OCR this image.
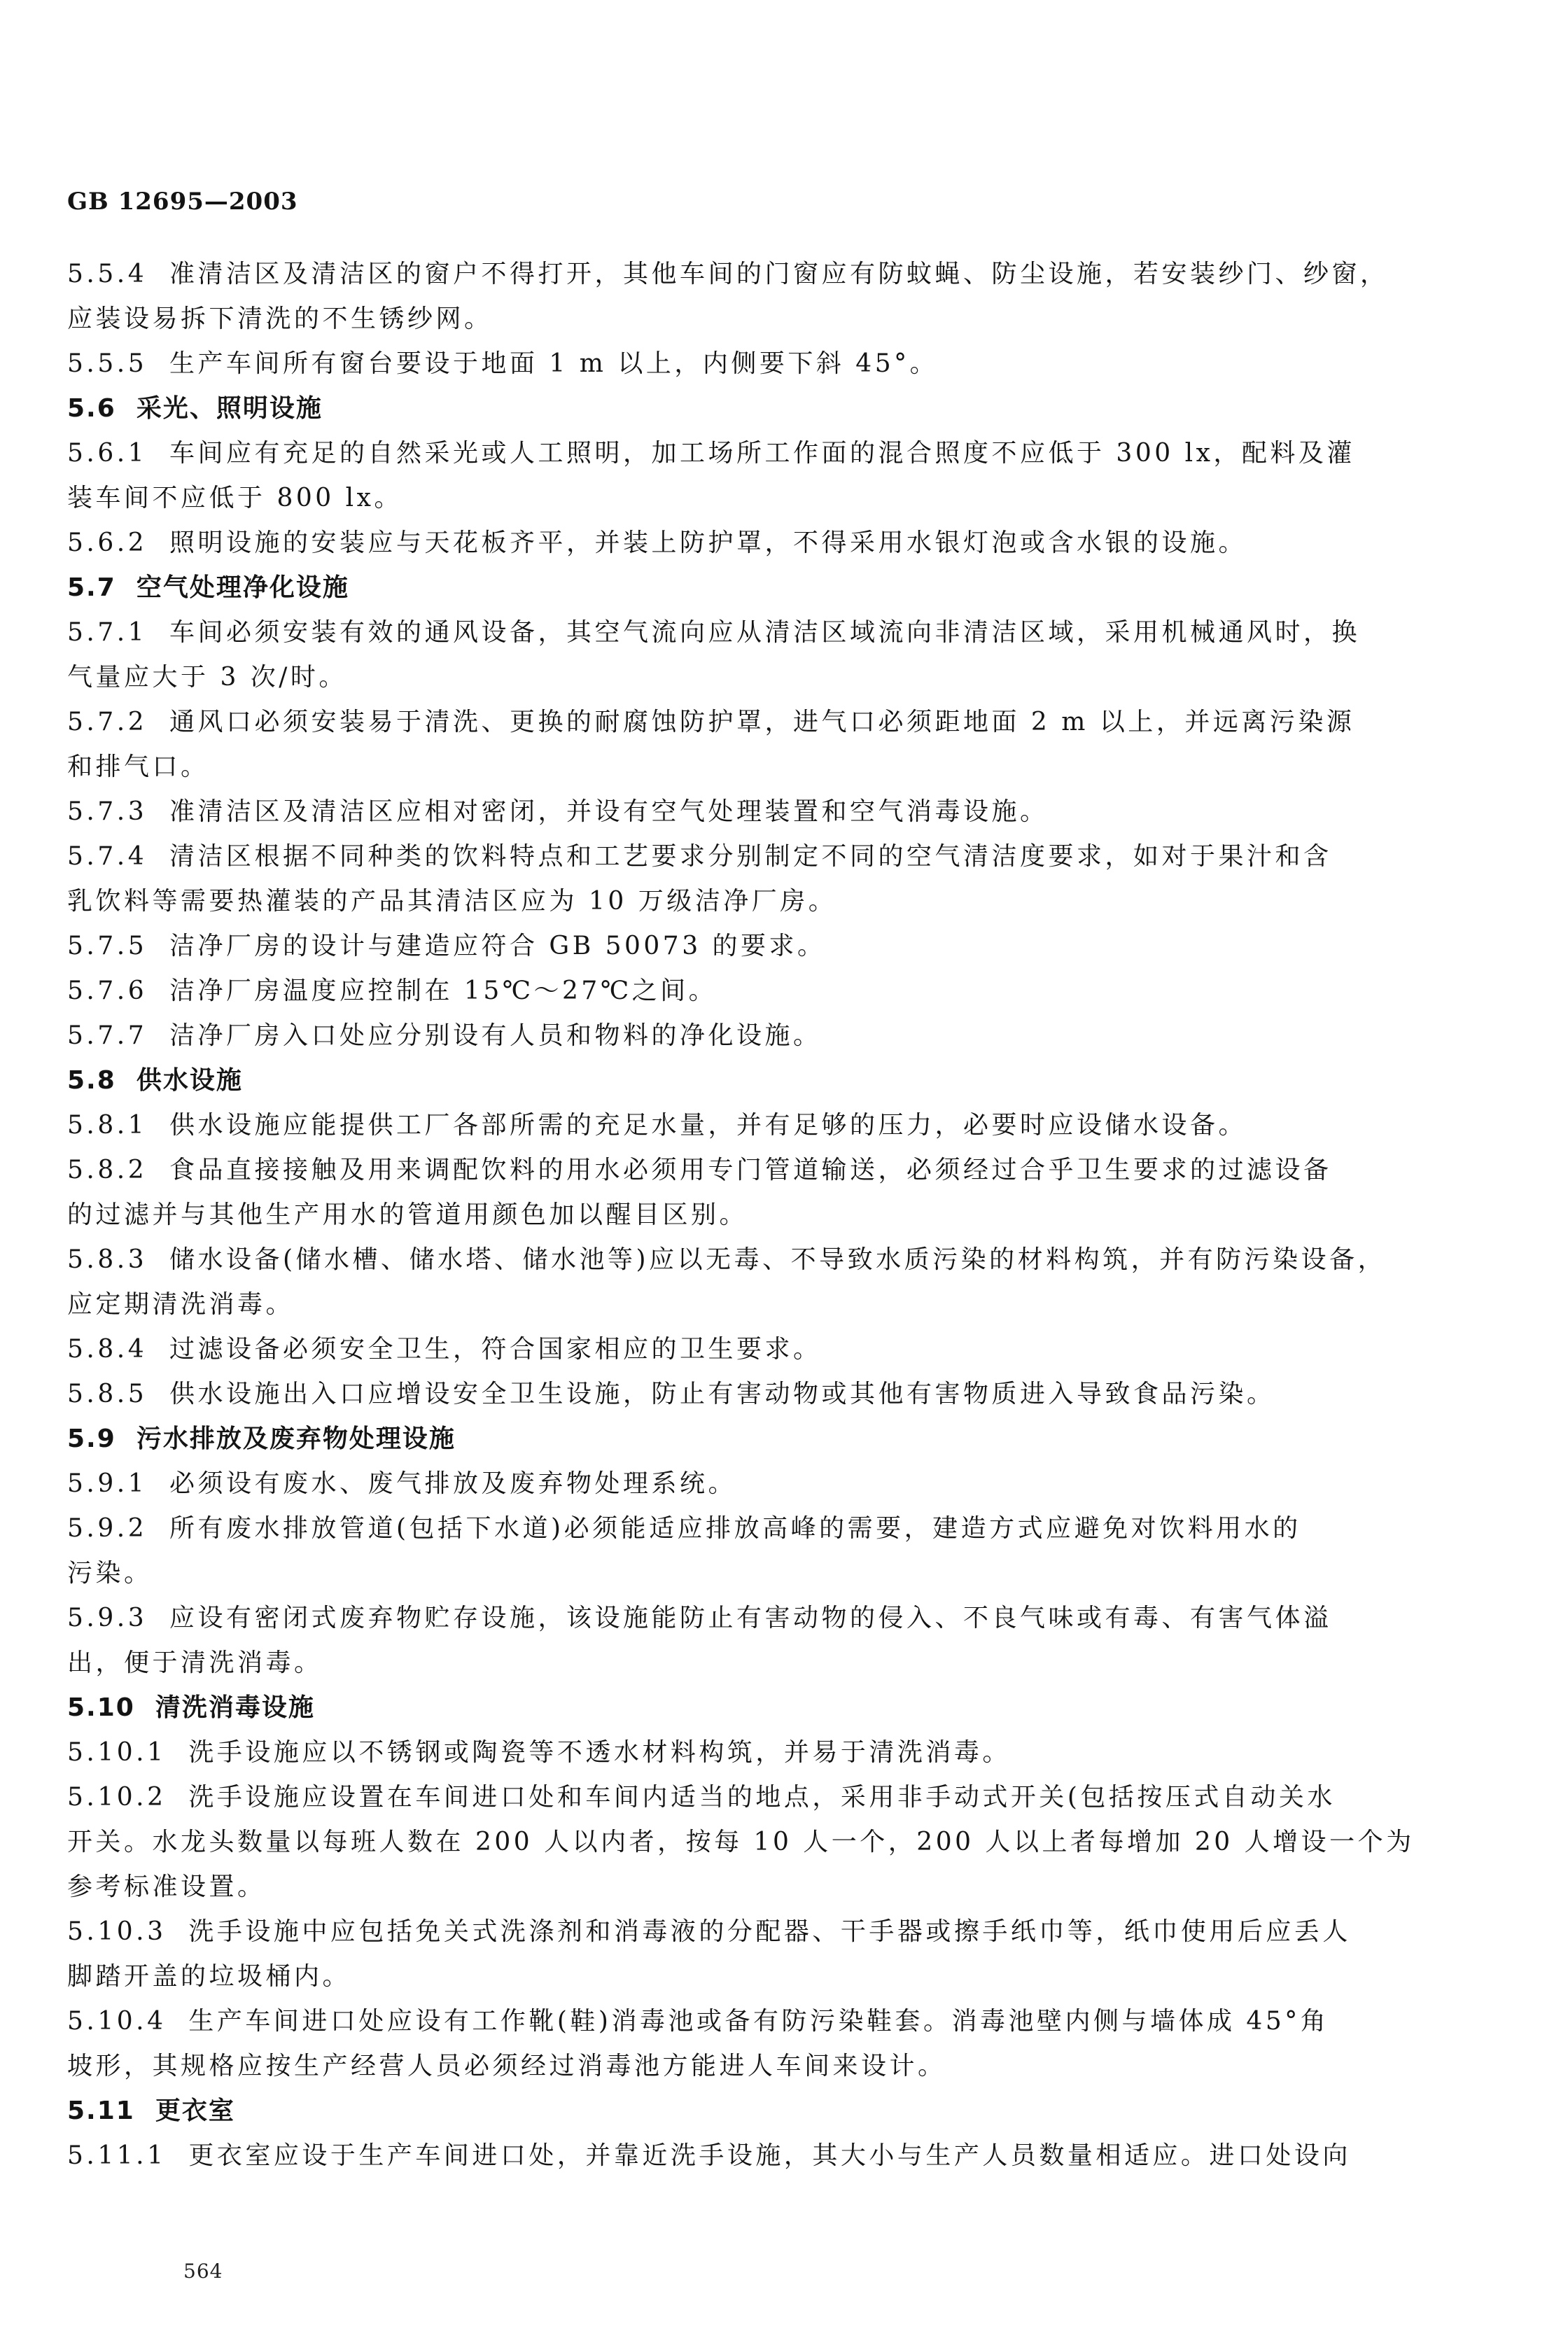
GB 12695—2003
5.5.4  准清洁区及清洁区的窗户不得打开，其他车间的门窗应有防蚊蝇、防尘设施，若安装纱门、纱窗，
应装设易拆下清洗的不生锈纱网。
5.5.5  生产车间所有窗台要设于地面 1 m 以上，内侧要下斜 45°。
5.6  采光、照明设施
5.6.1  车间应有充足的自然采光或人工照明，加工场所工作面的混合照度不应低于 300 lx，配料及灌
装车间不应低于 800 lx。
5.6.2  照明设施的安装应与天花板齐平，并装上防护罩，不得采用水银灯泡或含水银的设施。
5.7  空气处理净化设施
5.7.1  车间必须安装有效的通风设备，其空气流向应从清洁区域流向非清洁区域，采用机械通风时，换
气量应大于 3 次/时。
5.7.2  通风口必须安装易于清洗、更换的耐腐蚀防护罩，进气口必须距地面 2 m 以上，并远离污染源
和排气口。
5.7.3  准清洁区及清洁区应相对密闭，并设有空气处理装置和空气消毒设施。
5.7.4  清洁区根据不同种类的饮料特点和工艺要求分别制定不同的空气清洁度要求，如对于果汁和含
乳饮料等需要热灌装的产品其清洁区应为 10 万级洁净厂房。
5.7.5  洁净厂房的设计与建造应符合 GB 50073 的要求。
5.7.6  洁净厂房温度应控制在 15℃～27℃之间。
5.7.7  洁净厂房入口处应分别设有人员和物料的净化设施。
5.8  供水设施
5.8.1  供水设施应能提供工厂各部所需的充足水量，并有足够的压力，必要时应设储水设备。
5.8.2  食品直接接触及用来调配饮料的用水必须用专门管道输送，必须经过合乎卫生要求的过滤设备
的过滤并与其他生产用水的管道用颜色加以醒目区别。
5.8.3  储水设备(储水槽、储水塔、储水池等)应以无毒、不导致水质污染的材料构筑，并有防污染设备，
应定期清洗消毒。
5.8.4  过滤设备必须安全卫生，符合国家相应的卫生要求。
5.8.5  供水设施出入口应增设安全卫生设施，防止有害动物或其他有害物质进入导致食品污染。
5.9  污水排放及废弃物处理设施
5.9.1  必须设有废水、废气排放及废弃物处理系统。
5.9.2  所有废水排放管道(包括下水道)必须能适应排放高峰的需要，建造方式应避免对饮料用水的
污染。
5.9.3  应设有密闭式废弃物贮存设施，该设施能防止有害动物的侵入、不良气味或有毒、有害气体溢
出，便于清洗消毒。
5.10  清洗消毒设施
5.10.1  洗手设施应以不锈钢或陶瓷等不透水材料构筑，并易于清洗消毒。
5.10.2  洗手设施应设置在车间进口处和车间内适当的地点，采用非手动式开关(包括按压式自动关水
开关。水龙头数量以每班人数在 200 人以内者，按每 10 人一个，200 人以上者每增加 20 人增设一个为
参考标准设置。
5.10.3  洗手设施中应包括免关式洗涤剂和消毒液的分配器、干手器或擦手纸巾等，纸巾使用后应丢人
脚踏开盖的垃圾桶内。
5.10.4  生产车间进口处应设有工作靴(鞋)消毒池或备有防污染鞋套。消毒池壁内侧与墙体成 45°角
坡形，其规格应按生产经营人员必须经过消毒池方能进人车间来设计。
5.11  更衣室
5.11.1  更衣室应设于生产车间进口处，并靠近洗手设施，其大小与生产人员数量相适应。进口处设向
564
